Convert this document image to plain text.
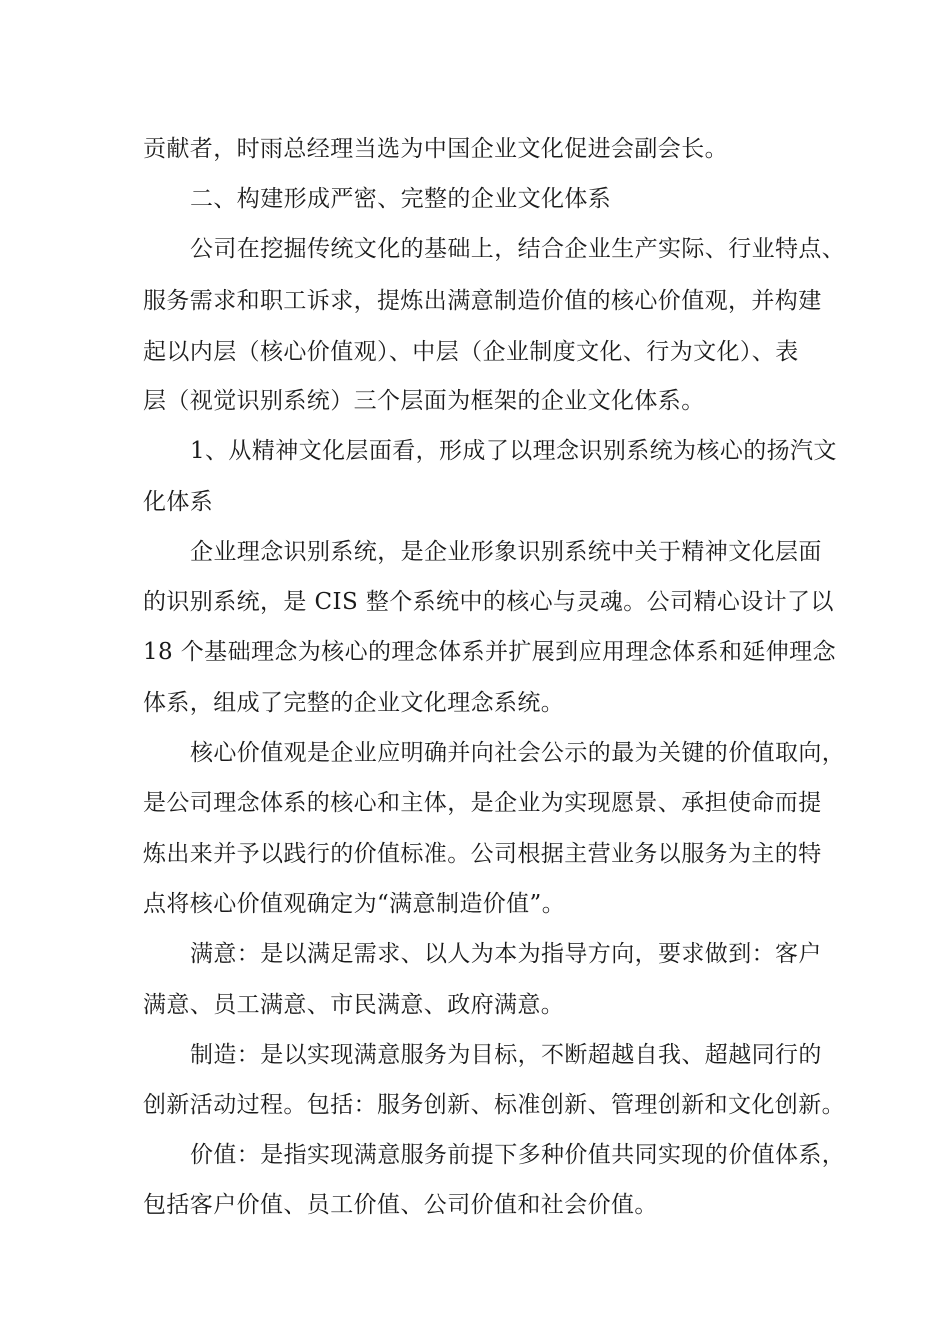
贡献者，时雨总经理当选为中国企业文化促进会副会长。
二、构建形成严密、完整的企业文化体系
公司在挖掘传统文化的基础上，结合企业生产实际、行业特点、
服务需求和职工诉求，提炼出满意制造价值的核心价值观，并构建
起以内层（核心价值观）、中层（企业制度文化、行为文化）、表
层（视觉识别系统）三个层面为框架的企业文化体系。
1、从精神文化层面看，形成了以理念识别系统为核心的扬汽文
化体系
企业理念识别系统，是企业形象识别系统中关于精神文化层面
的识别系统，是 CIS 整个系统中的核心与灵魂。公司精心设计了以
18 个基础理念为核心的理念体系并扩展到应用理念体系和延伸理念
体系，组成了完整的企业文化理念系统。
核心价值观是企业应明确并向社会公示的最为关键的价值取向，
是公司理念体系的核心和主体，是企业为实现愿景、承担使命而提
炼出来并予以践行的价值标准。公司根据主营业务以服务为主的特
点将核心价值观确定为“满意制造价值”。
满意：是以满足需求、以人为本为指导方向，要求做到：客户
满意、员工满意、市民满意、政府满意。
制造：是以实现满意服务为目标，不断超越自我、超越同行的
创新活动过程。包括：服务创新、标准创新、管理创新和文化创新。
价值：是指实现满意服务前提下多种价值共同实现的价值体系，
包括客户价值、员工价值、公司价值和社会价值。
